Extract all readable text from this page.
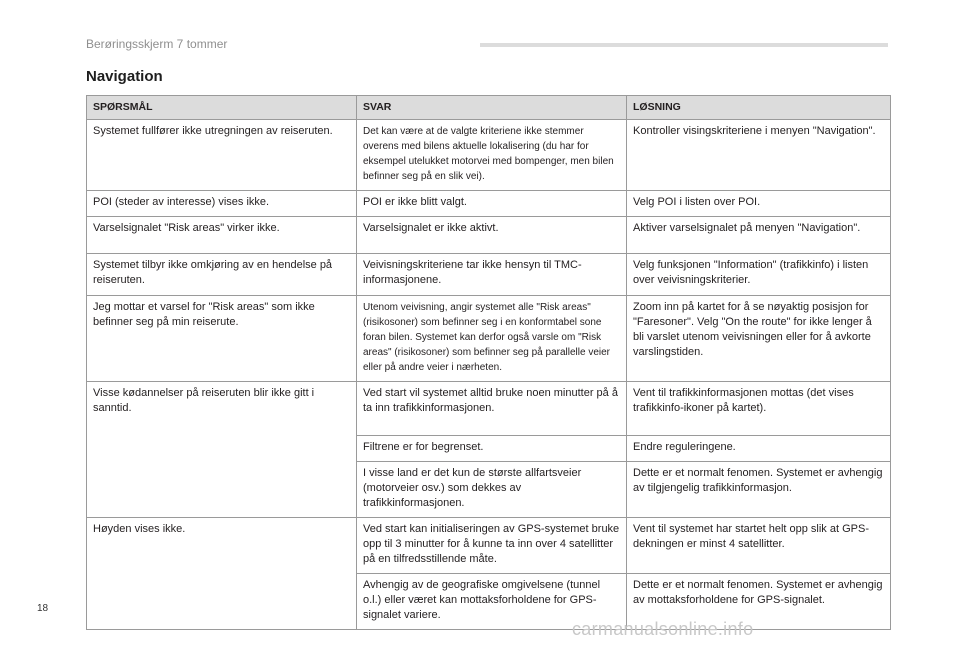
Berøringsskjerm 7 tommer
Navigation
SPØRSMÅL	SVAR	LØSNING
Systemet fullfører ikke utregningen av reiseruten.	Det kan være at de valgte kriteriene ikke stemmer overens med bilens aktuelle lokalisering (du har for eksempel utelukket motorvei med bompenger, men bilen befinner seg på en slik vei).	Kontroller visingskriteriene i menyen "Navigation".
POI (steder av interesse) vises ikke.	POI er ikke blitt valgt.	Velg POI i listen over POI.
Varselsignalet "Risk areas" virker ikke.	Varselsignalet er ikke aktivt.	Aktiver varselsignalet på menyen "Navigation".
Systemet tilbyr ikke omkjøring av en hendelse på reiseruten.	Veivisningskriteriene tar ikke hensyn til TMC-informasjonene.	Velg funksjonen "Information" (trafikkinfo) i listen over veivisningskriterier.
Jeg mottar et varsel for "Risk areas" som ikke befinner seg på min reiserute.	Utenom veivisning, angir systemet alle "Risk areas" (risikosoner) som befinner seg i en konformtabel sone foran bilen. Systemet kan derfor også varsle om "Risk areas" (risikosoner) som befinner seg på parallelle veier eller på andre veier i nærheten.	Zoom inn på kartet for å se nøyaktig posisjon for "Faresoner". Velg "On the route" for ikke lenger å bli varslet utenom veivisningen eller for å avkorte varslingstiden.
Visse kødannelser på reiseruten blir ikke gitt i sanntid.	Ved start vil systemet alltid bruke noen minutter på å ta inn trafikkinformasjonen.	Vent til trafikkinformasjonen mottas (det vises trafikkinfo-ikoner på kartet).
	Filtrene er for begrenset.	Endre reguleringene.
	I visse land er det kun de største allfartsveier (motorveier osv.) som dekkes av trafikkinformasjonen.	Dette er et normalt fenomen. Systemet er avhengig av tilgjengelig trafikkinformasjon.
Høyden vises ikke.	Ved start kan initialiseringen av GPS-systemet bruke opp til 3 minutter for å kunne ta inn over 4 satellitter på en tilfredsstillende måte.	Vent til systemet har startet helt opp slik at GPS-dekningen er minst 4 satellitter.
	Avhengig av de geografiske omgivelsene (tunnel o.l.) eller været kan mottaksforholdene for GPS-signalet variere.	Dette er et normalt fenomen. Systemet er avhengig av mottaksforholdene for GPS-signalet.
18
carmanualsonline.info
